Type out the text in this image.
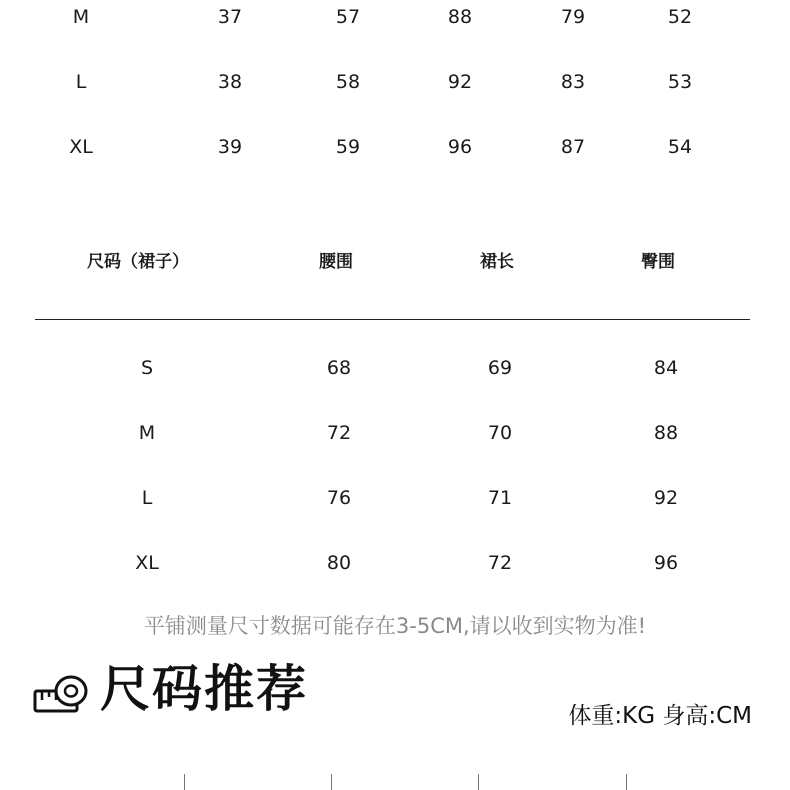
M	37	57	88	79	52
L	38	58	92	83	53
XL	39	59	96	87	54
尺码（裙子）	腰围	裙长	臀围
S	68	69	84
M	72	70	88
L	76	71	92
XL	80	72	96
平铺测量尺寸数据可能存在3-5CM,请以收到实物为准!
尺码推荐	体重:KG 身高:CM
